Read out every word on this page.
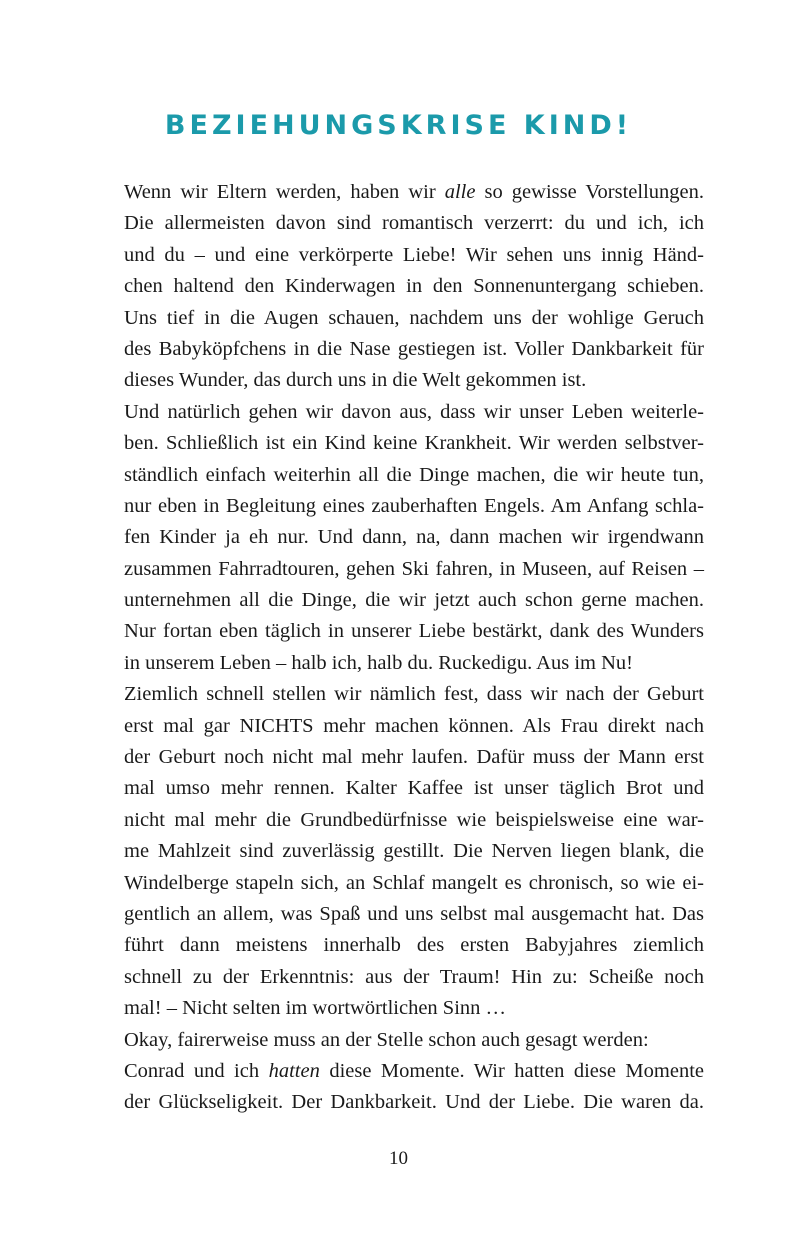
BEZIEHUNGSKRISE KIND!
Wenn wir Eltern werden, haben wir alle so gewisse Vorstellungen.
Die allermeisten davon sind romantisch verzerrt: du und ich, ich
und du – und eine verkörperte Liebe! Wir sehen uns innig Händ-
chen haltend den Kinderwagen in den Sonnenuntergang schieben.
Uns tief in die Augen schauen, nachdem uns der wohlige Geruch
des Babyköpfchens in die Nase gestiegen ist. Voller Dankbarkeit für
dieses Wunder, das durch uns in die Welt gekommen ist.
Und natürlich gehen wir davon aus, dass wir unser Leben weiterle-
ben. Schließlich ist ein Kind keine Krankheit. Wir werden selbstver-
ständlich einfach weiterhin all die Dinge machen, die wir heute tun,
nur eben in Begleitung eines zauberhaften Engels. Am Anfang schla-
fen Kinder ja eh nur. Und dann, na, dann machen wir irgendwann
zusammen Fahrradtouren, gehen Ski fahren, in Museen, auf Reisen –
unternehmen all die Dinge, die wir jetzt auch schon gerne machen.
Nur fortan eben täglich in unserer Liebe bestärkt, dank des Wunders
in unserem Leben – halb ich, halb du. Ruckedigu. Aus im Nu!
Ziemlich schnell stellen wir nämlich fest, dass wir nach der Geburt
erst mal gar NICHTS mehr machen können. Als Frau direkt nach
der Geburt noch nicht mal mehr laufen. Dafür muss der Mann erst
mal umso mehr rennen. Kalter Kaffee ist unser täglich Brot und
nicht mal mehr die Grundbedürfnisse wie beispielsweise eine war-
me Mahlzeit sind zuverlässig gestillt. Die Nerven liegen blank, die
Windelberge stapeln sich, an Schlaf mangelt es chronisch, so wie ei-
gentlich an allem, was Spaß und uns selbst mal ausgemacht hat. Das
führt dann meistens innerhalb des ersten Babyjahres ziemlich
schnell zu der Erkenntnis: aus der Traum! Hin zu: Scheiße noch
mal! – Nicht selten im wortwörtlichen Sinn …
Okay, fairerweise muss an der Stelle schon auch gesagt werden:
Conrad und ich hatten diese Momente. Wir hatten diese Momente
der Glückseligkeit. Der Dankbarkeit. Und der Liebe. Die waren da.
10
